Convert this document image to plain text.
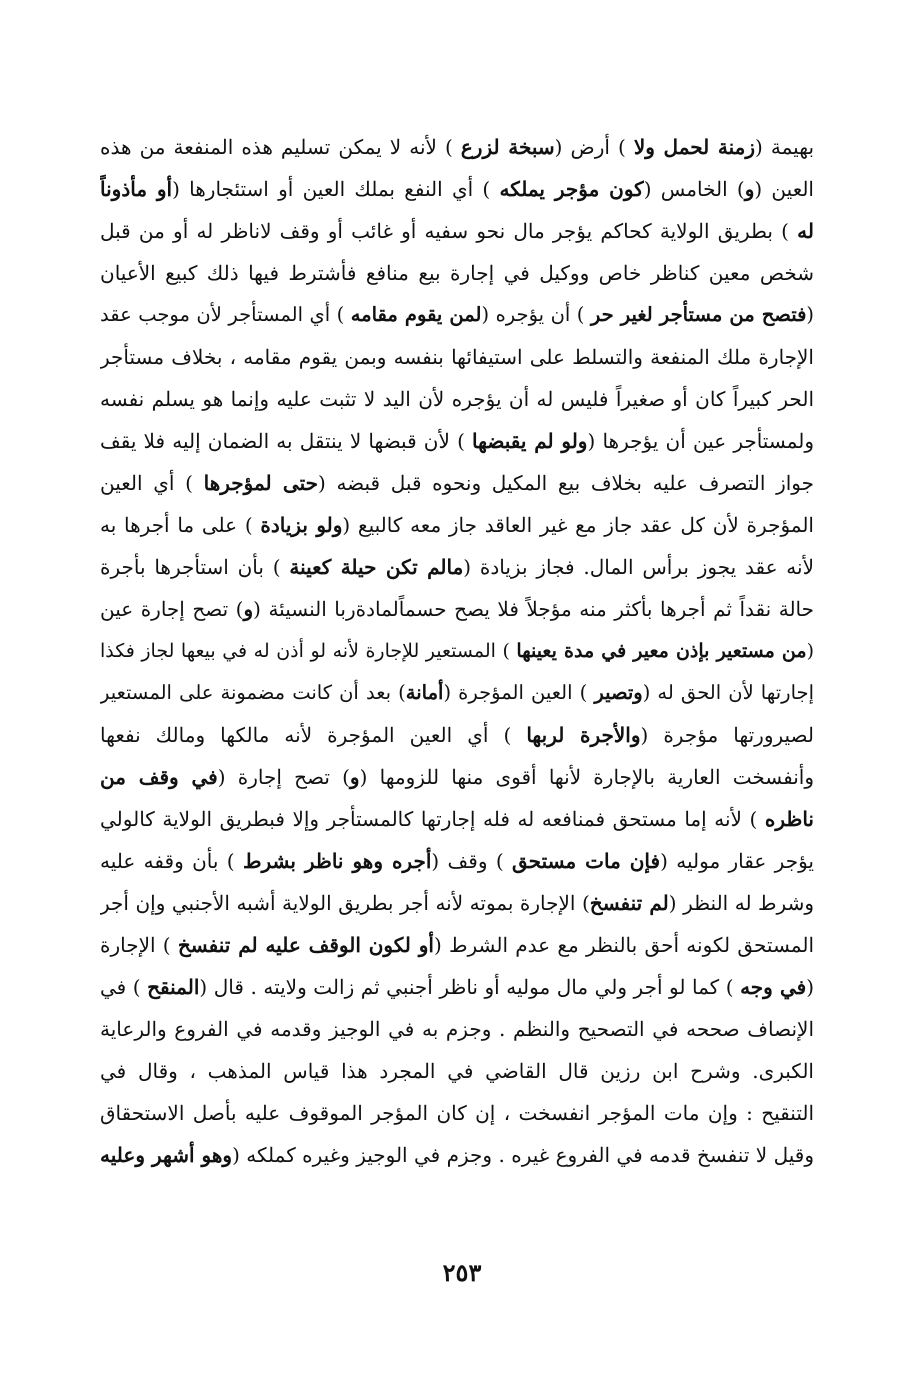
بهيمة (زمنة لحمل ولا ) أرض (سبخة لزرع ) لأنه لا يمكن تسليم هذه المنفعة من هذه
العين (و) الخامس (كون مؤجر يملكه ) أي النفع بملك العين أو استئجارها (أو مأذوناً
له ) بطريق الولاية كحاكم يؤجر مال نحو سفيه أو غائب أو وقف لاناظر له أو من قبل
شخص معين كناظر خاص ووكيل في إجارة بيع منافع فأشترط فيها ذلك كبيع الأعيان
(فتصح من مستأجر لغير حر ) أن يؤجره (لمن يقوم مقامه ) أي المستأجر لأن موجب عقد
الإجارة ملك المنفعة والتسلط على استيفائها بنفسه وبمن يقوم مقامه ، بخلاف مستأجر
الحر كبيراً كان أو صغيراً فليس له أن يؤجره لأن اليد لا تثبت عليه وإنما هو يسلم نفسه
ولمستأجر عين أن يؤجرها (ولو لم يقبضها ) لأن قبضها لا ينتقل به الضمان إليه فلا يقف
جواز التصرف عليه بخلاف بيع المكيل ونحوه قبل قبضه (حتى لمؤجرها ) أي العين
المؤجرة لأن كل عقد جاز مع غير العاقد جاز معه كالبيع (ولو بزيادة ) على ما أجرها به
لأنه عقد يجوز برأس المال. فجاز بزيادة (مالم تكن حيلة كعينة ) بأن استأجرها بأجرة
حالة نقداً ثم أجرها بأكثر منه مؤجلاً فلا يصح حسماًلمادةربا النسيئة (و) تصح إجارة عين
(من مستعير بإذن معير في مدة يعينها ) المستعير للإجارة لأنه لو أذن له في بيعها لجاز فكذا
إجارتها لأن الحق له (وتصير ) العين المؤجرة (أمانة) بعد أن كانت مضمونة على المستعير
لصيرورتها مؤجرة (والأجرة لربها ) أي العين المؤجرة لأنه مالكها ومالك نفعها
وأنفسخت العارية بالإجارة لأنها أقوى منها للزومها (و) تصح إجارة (في وقف من
ناظره ) لأنه إما مستحق فمنافعه له فله إجارتها كالمستأجر وإلا فبطريق الولاية كالولي
يؤجر عقار موليه (فإن مات مستحق ) وقف (أجره وهو ناظر بشرط ) بأن وقفه عليه
وشرط له النظر (لم تنفسخ) الإجارة بموته لأنه أجر بطريق الولاية أشبه الأجنبي وإن أجر
المستحق لكونه أحق بالنظر مع عدم الشرط (أو لكون الوقف عليه لم تنفسخ ) الإجارة
(في وجه ) كما لو أجر ولي مال موليه أو ناظر أجنبي ثم زالت ولايته . قال (المنقح ) في
الإنصاف صححه في التصحيح والنظم . وجزم به في الوجيز وقدمه في الفروع والرعاية
الكبرى. وشرح ابن رزين قال القاضي في المجرد هذا قياس المذهب ، وقال في
التنقيح : وإن مات المؤجر انفسخت ، إن كان المؤجر الموقوف عليه بأصل الاستحقاق
وقيل لا تنفسخ قدمه في الفروع غيره . وجزم في الوجيز وغيره كملكه (وهو أشهر وعليه
٢٥٣
